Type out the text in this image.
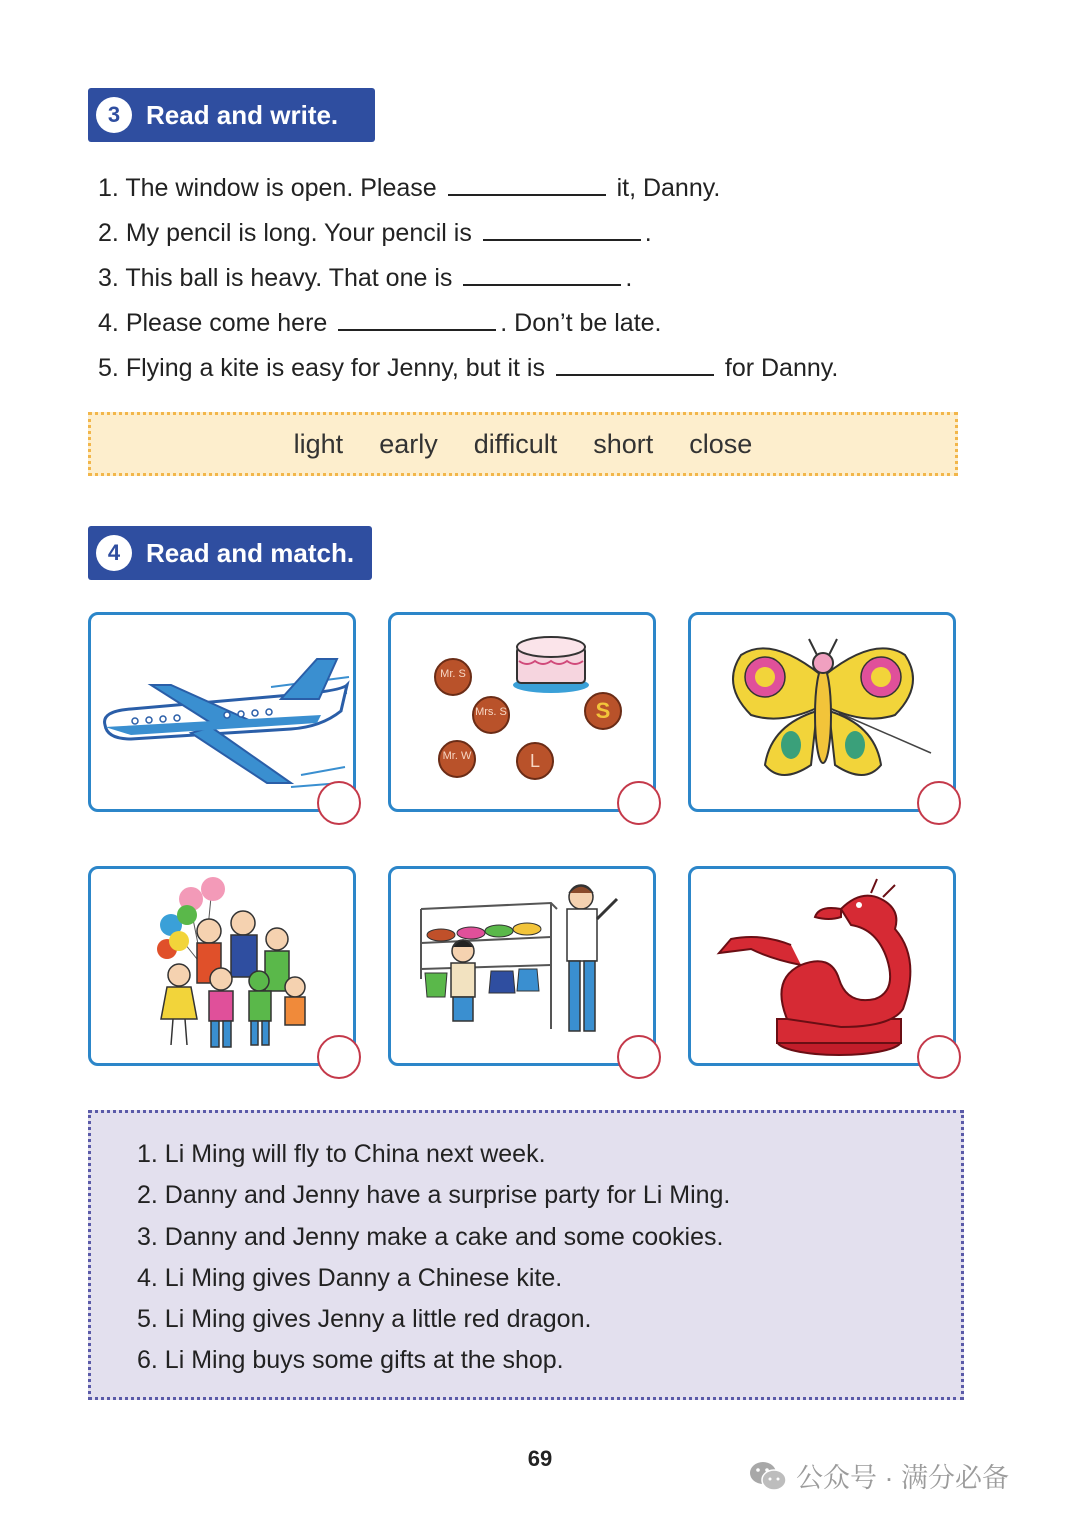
3 Read and write.
1. The window is open. Please	it, Danny.
2. My pencil is long. Your pencil is	.
3. This ball is heavy. That one is	.
4. Please come here	. Don’t be late.
5. Flying a kite is easy for Jenny, but it is	for Danny.
light early difficult short close
4 Read and match.
Mr. S
Mrs. S	S
Mr. W	L
1. Li Ming will fly to China next week.
2. Danny and Jenny have a surprise party for Li Ming.
3. Danny and Jenny make a cake and some cookies.
4. Li Ming gives Danny a Chinese kite.
5. Li Ming gives Jenny a little red dragon.
6. Li Ming buys some gifts at the shop.
69
公众号 · 满分必备
